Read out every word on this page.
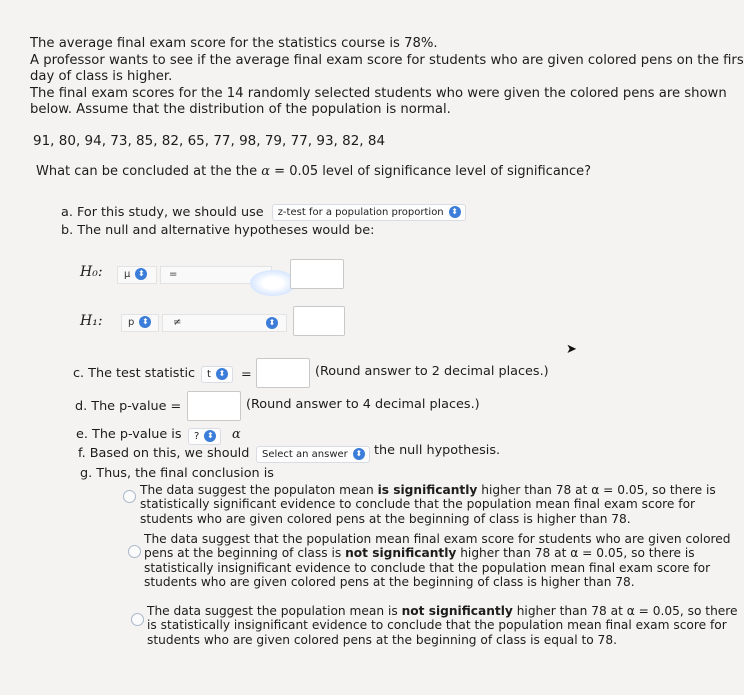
The average final exam score for the statistics course is 78%.
A professor wants to see if the average final exam score for students who are given colored pens on the firs
day of class is higher.
The final exam scores for the 14 randomly selected students who were given the colored pens are shown
below. Assume that the distribution of the population is normal.
91, 80, 94, 73, 85, 82, 65, 77, 98, 79, 77, 93, 82, 84
What can be concluded at the the α = 0.05 level of significance level of significance?
a. For this study, we should use z-test for a population proportion ⬍
b. The null and alternative hypotheses would be:
H₀:	μ ⬍	=
H₁:	p ⬍	≠	⬍
➤
c. The test statistic	t ⬍	=	(Round answer to 2 decimal places.)
d. The p-value =	(Round answer to 4 decimal places.)
e. The p-value is	? ⬍	α
f. Based on this, we should	Select an answer ⬍ the null hypothesis.
g. Thus, the final conclusion is
The data suggest the populaton mean is significantly higher than 78 at α = 0.05, so there is
statistically significant evidence to conclude that the population mean final exam score for
students who are given colored pens at the beginning of class is higher than 78.
The data suggest that the population mean final exam score for students who are given colored
pens at the beginning of class is not significantly higher than 78 at α = 0.05, so there is
statistically insignificant evidence to conclude that the population mean final exam score for
students who are given colored pens at the beginning of class is higher than 78.
The data suggest the population mean is not significantly higher than 78 at α = 0.05, so there
is statistically insignificant evidence to conclude that the population mean final exam score for
students who are given colored pens at the beginning of class is equal to 78.
